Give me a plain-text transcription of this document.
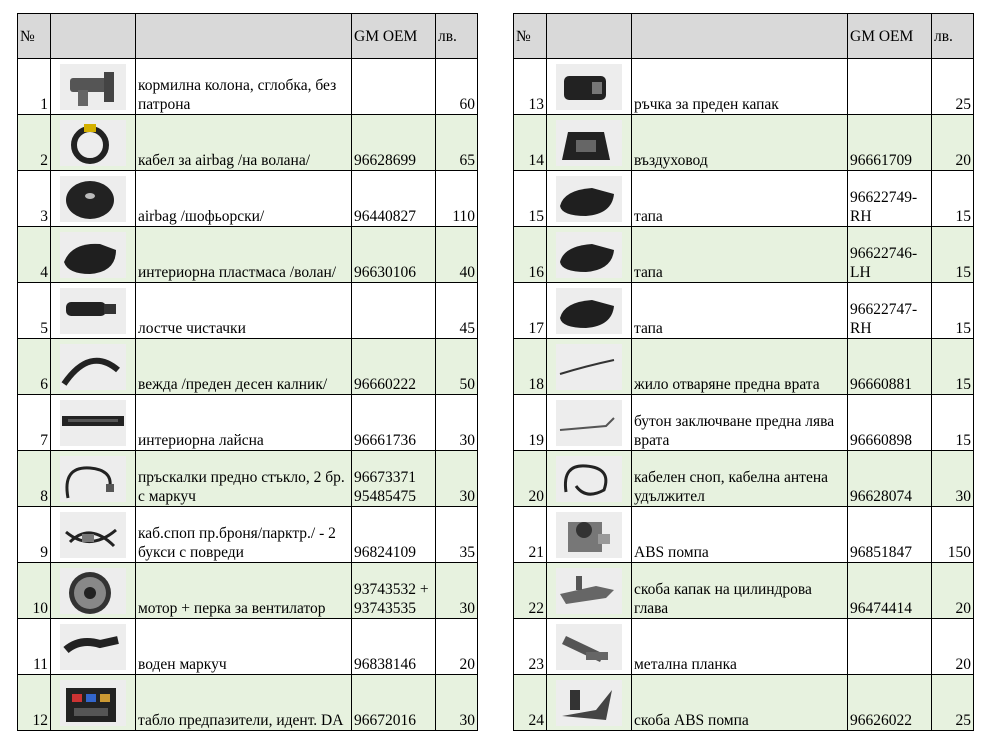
№			GM OEM	лв.
1		кормилна колона, сглобка, без патрона		60
2		кабел за airbag /на волана/	96628699	65
3		airbag /шофьорски/	96440827	110
4		интериорна пластмаса /волан/	96630106	40
5		лостче чистачки		45
6		вежда /преден десен калник/	96660222	50
7		интериорна лайсна	96661736	30
8		пръскалки предно стъкло, 2 бр. с маркуч	96673371 95485475	30
9		каб.споп пр.броня/парктр./ - 2 букси с повреди	96824109	35
10		мотор + перка за вентилатор	93743532 + 93743535	30
11		воден маркуч	96838146	20
12		табло предпазители, идент. DA	96672016	30
№			GM OEM	лв.
13		ръчка за преден капак		25
14		въздуховод	96661709	20
15		тапа	96622749-RH	15
16		тапа	96622746-LH	15
17		тапа	96622747-RH	15
18		жило отваряне предна врата	96660881	15
19		бутон заключване предна лява врата	96660898	15
20		кабелен сноп, кабелна антена удължител	96628074	30
21		ABS помпа	96851847	150
22		скоба капак на цилиндрова глава	96474414	20
23		метална планка		20
24		скоба ABS помпа	96626022	25
